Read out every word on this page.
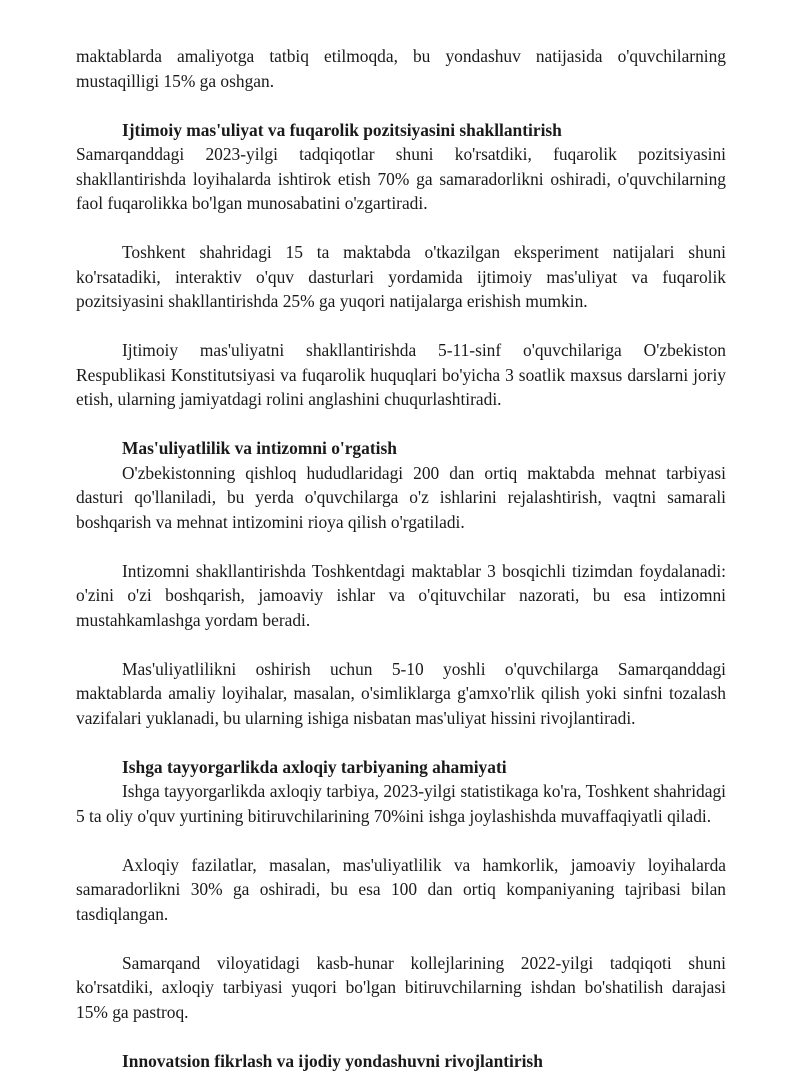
maktablarda amaliyotga tatbiq etilmoqda, bu yondashuv natijasida o'quvchilarning mustaqilligi 15% ga oshgan.

Ijtimoiy mas'uliyat va fuqarolik pozitsiyasini shakllantirish

Samarqanddagi 2023-yilgi tadqiqotlar shuni ko'rsatdiki, fuqarolik pozitsiyasini shakllantirishda loyihalarda ishtirok etish 70% ga samaradorlikni oshiradi, o'quvchilarning faol fuqarolikka bo'lgan munosabatini o'zgartiradi.

Toshkent shahridagi 15 ta maktabda o'tkazilgan eksperiment natijalari shuni ko'rsatadiki, interaktiv o'quv dasturlari yordamida ijtimoiy mas'uliyat va fuqarolik pozitsiyasini shakllantirishda 25% ga yuqori natijalarga erishish mumkin.

Ijtimoiy mas'uliyatni shakllantirishda 5-11-sinf o'quvchilariga O'zbekiston Respublikasi Konstitutsiyasi va fuqarolik huquqlari bo'yicha 3 soatlik maxsus darslarni joriy etish, ularning jamiyatdagi rolini anglashini chuqurlashtiradi.

Mas'uliyatlilik va intizomni o'rgatish

O'zbekistonning qishloq hududlaridagi 200 dan ortiq maktabda mehnat tarbiyasi dasturi qo'llaniladi, bu yerda o'quvchilarga o'z ishlarini rejalashtirish, vaqtni samarali boshqarish va mehnat intizomini rioya qilish o'rgatiladi.

Intizomni shakllantirishda Toshkentdagi maktablar 3 bosqichli tizimdan foydalanadi: o'zini o'zi boshqarish, jamoaviy ishlar va o'qituvchilar nazorati, bu esa intizomni mustahkamlashga yordam beradi.

Mas'uliyatlilikni oshirish uchun 5-10 yoshli o'quvchilarga Samarqanddagi maktablarda amaliy loyihalar, masalan, o'simliklarga g'amxo'rlik qilish yoki sinfni tozalash vazifalari yuklanadi, bu ularning ishiga nisbatan mas'uliyat hissini rivojlantiradi.

Ishga tayyorgarlikda axloqiy tarbiyaning ahamiyati

Ishga tayyorgarlikda axloqiy tarbiya, 2023-yilgi statistikaga ko'ra, Toshkent shahridagi 5 ta oliy o'quv yurtining bitiruvchilarining 70%ini ishga joylashishda muvaffaqiyatli qiladi.

Axloqiy fazilatlar, masalan, mas'uliyatlilik va hamkorlik, jamoaviy loyihalarda samaradorlikni 30% ga oshiradi, bu esa 100 dan ortiq kompaniyaning tajribasi bilan tasdiqlangan.

Samarqand viloyatidagi kasb-hunar kollejlarining 2022-yilgi tadqiqoti shuni ko'rsatdiki, axloqiy tarbiyasi yuqori bo'lgan bitiruvchilarning ishdan bo'shatilish darajasi 15% ga pastroq.

Innovatsion fikrlash va ijodiy yondashuvni rivojlantirish
